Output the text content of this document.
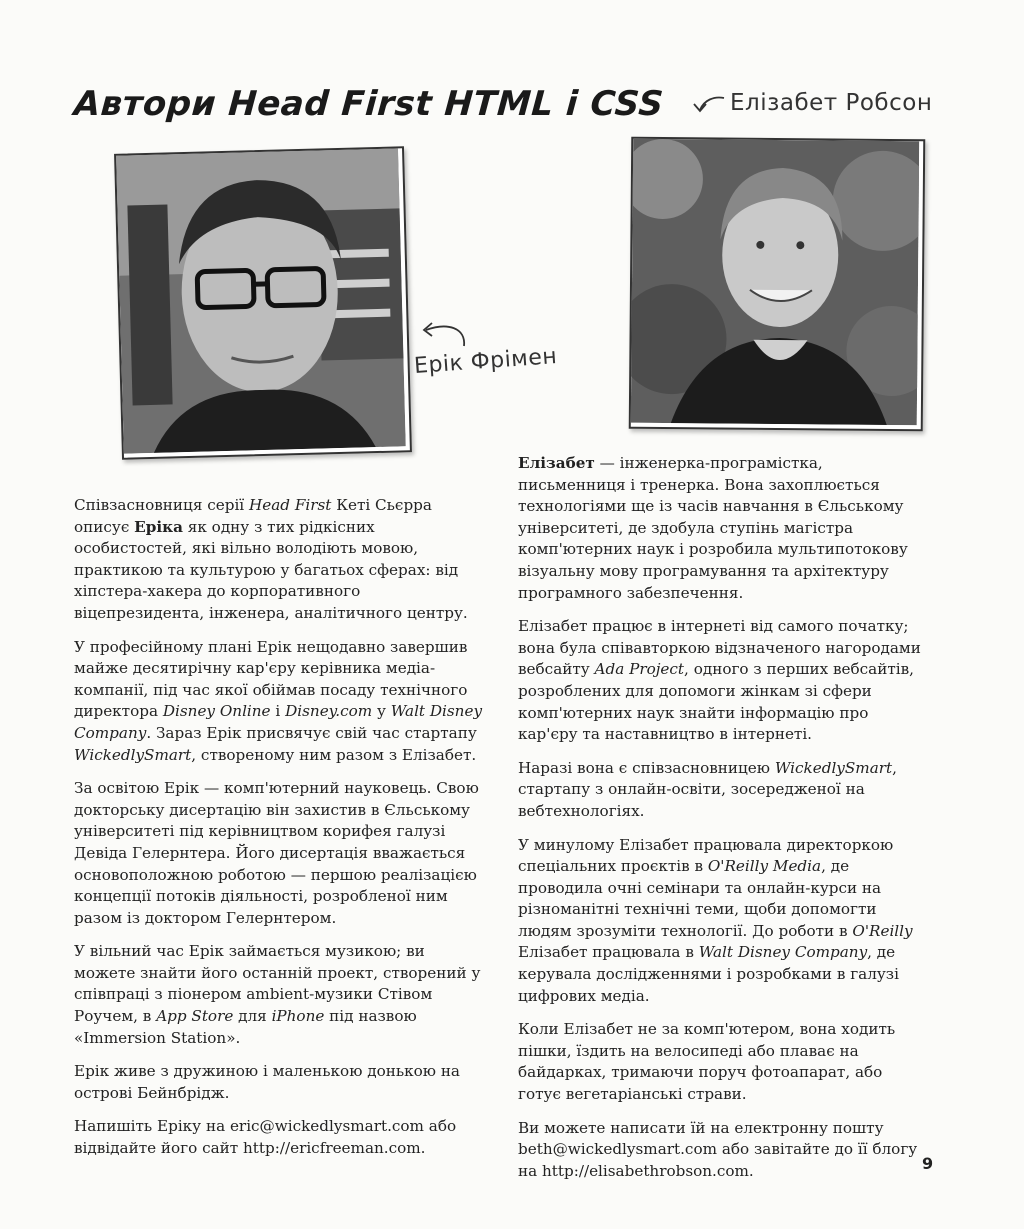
Автори Head First HTML і CSS	Елізабет Робсон
Ерік Фрімен

Співзасновниця серії Head First Кеті Сьєрра описує Еріка як одну з тих рідкісних особистостей, які вільно володіють мовою, практикою та культурою у багатьох сферах: від хіпстера-хакера до корпоративного віцепрезидента, інженера, аналітичного центру.

У професійному плані Ерік нещодавно завершив майже десятирічну кар'єру керівника медіа-компанії, під час якої обіймав посаду технічного директора Disney Online і Disney.com у Walt Disney Company. Зараз Ерік присвячує свій час стартапу WickedlySmart, створеному ним разом з Елізабет.

За освітою Ерік — комп'ютерний науковець. Свою докторську дисертацію він захистив в Єльському університеті під керівництвом корифея галузі Девіда Гелернтера. Його дисертація вважається основоположною роботою — першою реалізацією концепції потоків діяльності, розробленої ним разом із доктором Гелернтером.

У вільний час Ерік займається музикою; ви можете знайти його останній проект, створений у співпраці з піонером ambient-музики Стівом Роучем, в App Store для iPhone під назвою «Immersion Station».

Ерік живе з дружиною і маленькою донькою на острові Бейнбрідж.

Напишіть Еріку на eric@wickedlysmart.com або відвідайте його сайт http://ericfreeman.com.

Елізабет — інженерка-програмістка, письменниця і тренерка. Вона захоплюється технологіями ще із часів навчання в Єльському університеті, де здобула ступінь магістра комп'ютерних наук і розробила мультипотокову візуальну мову програмування та архітектуру програмного забезпечення.

Елізабет працює в інтернеті від самого початку; вона була співавторкою відзначеного нагородами вебсайту Ada Project, одного з перших вебсайтів, розроблених для допомоги жінкам зі сфери комп'ютерних наук знайти інформацію про кар'єру та наставництво в інтернеті.

Наразі вона є співзасновницею WickedlySmart, стартапу з онлайн-освіти, зосередженої на вебтехнологіях.

У минулому Елізабет працювала директоркою спеціальних проєктів в O'Reilly Media, де проводила очні семінари та онлайн-курси на різноманітні технічні теми, щоби допомогти людям зрозуміти технології. До роботи в O'Reilly Елізабет працювала в Walt Disney Company, де керувала дослідженнями і розробками в галузі цифрових медіа.

Коли Елізабет не за комп'ютером, вона ходить пішки, їздить на велосипеді або плаває на байдарках, тримаючи поруч фотоапарат, або готує вегетаріанські страви.

Ви можете написати їй на електронну пошту beth@wickedlysmart.com або завітайте до її блогу на http://elisabethrobson.com.	9
